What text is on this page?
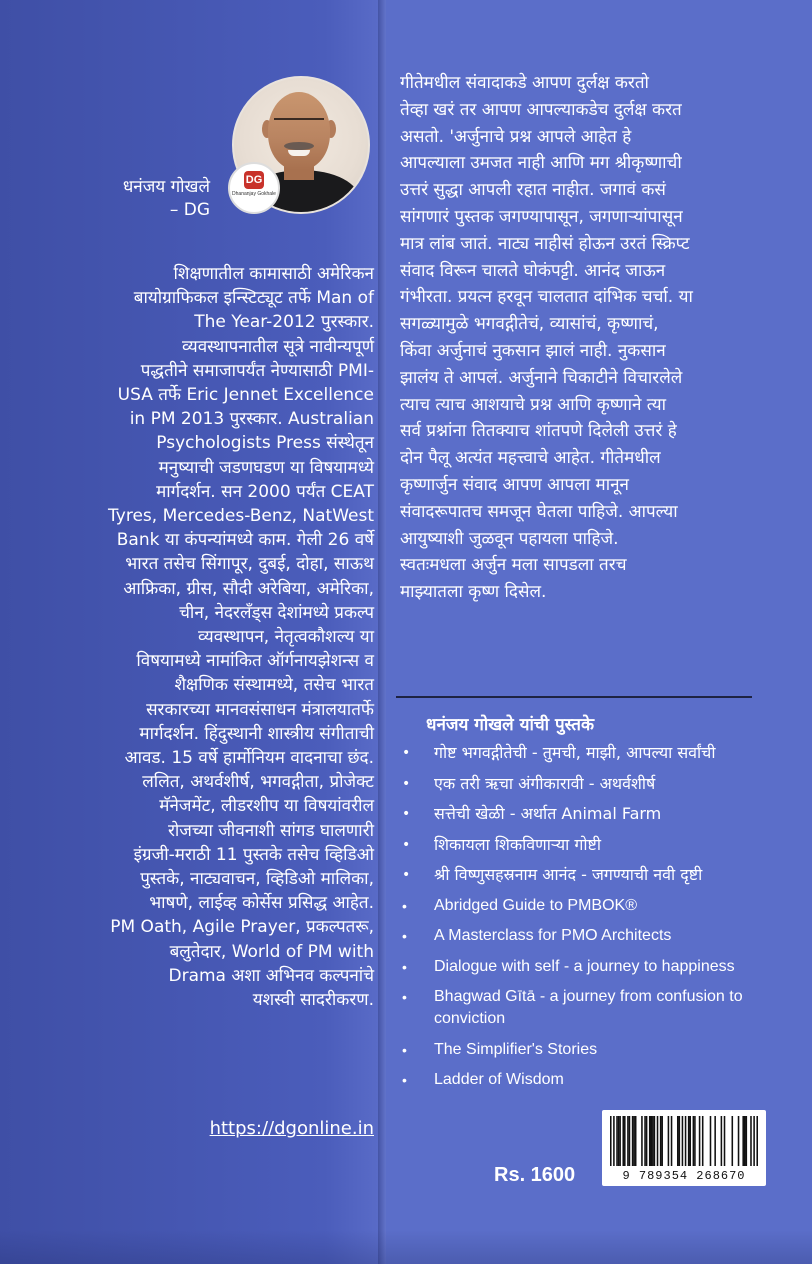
DG
Dhananjay Gokhale
धनंजय गोखले
– DG
शिक्षणातील कामासाठी अमेरिकन
बायोग्राफिकल इन्स्टिट्यूट तर्फे Man of
The Year-2012 पुरस्कार.
व्यवस्थापनातील सूत्रे नावीन्यपूर्ण
पद्धतीने समाजापर्यंत नेण्यासाठी PMI-
USA तर्फे Eric Jennet Excellence
in PM 2013 पुरस्कार. Australian
Psychologists Press संस्थेतून
मनुष्याची जडणघडण या विषयामध्ये
मार्गदर्शन. सन 2000 पर्यंत CEAT
Tyres, Mercedes-Benz, NatWest
Bank या कंपन्यांमध्ये काम. गेली 26 वर्षे
भारत तसेच सिंगापूर, दुबई, दोहा, साऊथ
आफ्रिका, ग्रीस, सौदी अरेबिया, अमेरिका,
चीन, नेदरलँड्स देशांमध्ये प्रकल्प
व्यवस्थापन, नेतृत्वकौशल्य या
विषयामध्ये नामांकित ऑर्गनायझेशन्स व
शैक्षणिक संस्थामध्ये, तसेच भारत
सरकारच्या मानवसंसाधन मंत्रालयातर्फे
मार्गदर्शन. हिंदुस्थानी शास्त्रीय संगीताची
आवड. 15 वर्षे हार्मोनियम वादनाचा छंद.
ललित, अथर्वशीर्ष, भगवद्गीता, प्रोजेक्ट
मॅनेजमेंट, लीडरशीप या विषयांवरील
रोजच्या जीवनाशी सांगड घालणारी
इंग्रजी-मराठी 11 पुस्तके तसेच व्हिडिओ
पुस्तके, नाट्यवाचन, व्हिडिओ मालिका,
भाषणे, लाईव्ह कोर्सेस प्रसिद्ध आहेत.
PM Oath, Agile Prayer, प्रकल्पतरू,
बलुतेदार, World of PM with
Drama अशा अभिनव कल्पनांचे
यशस्वी सादरीकरण.
https://dgonline.in
गीतेमधील संवादाकडे आपण दुर्लक्ष करतो
तेव्हा खरं तर आपण आपल्याकडेच दुर्लक्ष करत
असतो. 'अर्जुनाचे प्रश्न आपले आहेत हे
आपल्याला उमजत नाही आणि मग श्रीकृष्णाची
उत्तरं सुद्धा आपली रहात नाहीत. जगावं कसं
सांगणारं पुस्तक जगण्यापासून, जगणाऱ्यांपासून
मात्र लांब जातं. नाट्य नाहीसं होऊन उरतं स्क्रिप्ट
संवाद विरून चालते घोकंपट्टी. आनंद जाऊन
गंभीरता. प्रयत्न हरवून चालतात दांभिक चर्चा. या
सगळ्यामुळे भगवद्गीतेचं, व्यासांचं, कृष्णाचं,
किंवा अर्जुनाचं नुकसान झालं नाही. नुकसान
झालंय ते आपलं. अर्जुनाने चिकाटीने विचारलेले
त्याच त्याच आशयाचे प्रश्न आणि कृष्णाने त्या
सर्व प्रश्नांना तितक्याच शांतपणे दिलेली उत्तरं हे
दोन पैलू अत्यंत महत्त्वाचे आहेत. गीतेमधील
कृष्णार्जुन संवाद आपण आपला मानून
संवादरूपातच समजून घेतला पाहिजे. आपल्या
आयुष्याशी जुळवून पहायला पाहिजे.
स्वतःमधला अर्जुन मला सापडला तरच
माझ्यातला कृष्ण दिसेल.
धनंजय गोखले यांची पुस्तके
• गोष्ट भगवद्गीतेची - तुमची, माझी, आपल्या सर्वांची
• एक तरी ऋचा अंगीकारावी - अथर्वशीर्ष
• सत्तेची खेळी - अर्थात Animal Farm
• शिकायला शिकविणाऱ्या गोष्टी
• श्री विष्णुसहस्रनाम आनंद - जगण्याची नवी दृष्टी
•	Abridged Guide to PMBOK®
•	A Masterclass for PMO Architects
•	Dialogue with self - a journey to happiness
•	Bhagwad Gītā - a journey from confusion to conviction
•	The Simplifier's Stories
•	Ladder of Wisdom
Rs. 1600	9 789354 268670
